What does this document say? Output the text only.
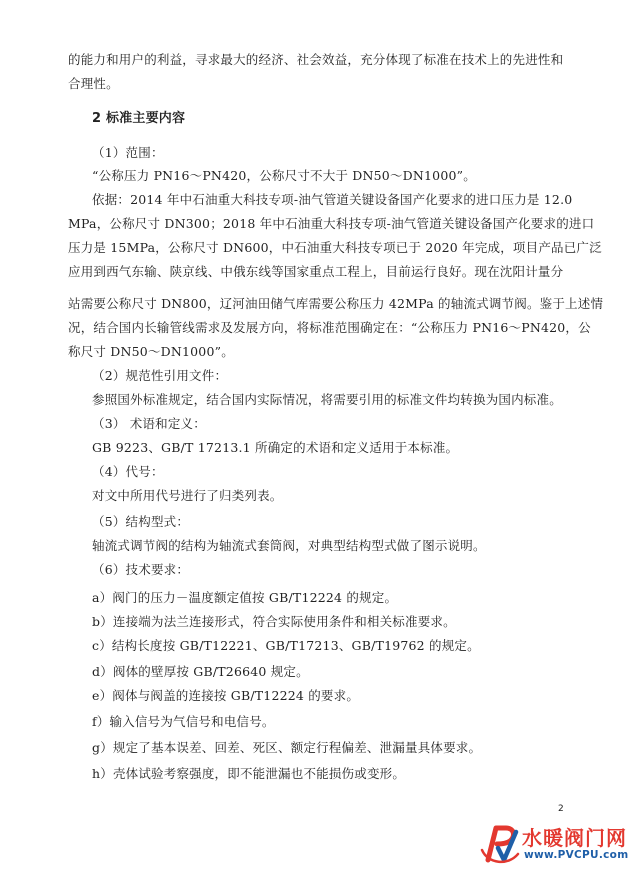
的能力和用户的利益，寻求最大的经济、社会效益，充分体现了标准在技术上的先进性和
合理性。
2 标准主要内容
（1）范围：
“公称压力 PN16～PN420，公称尺寸不大于 DN50～DN1000”。
依据：2014 年中石油重大科技专项-油气管道关键设备国产化要求的进口压力是 12.0
MPa，公称尺寸 DN300；2018 年中石油重大科技专项-油气管道关键设备国产化要求的进口
压力是 15MPa，公称尺寸 DN600，中石油重大科技专项已于 2020 年完成，项目产品已广泛
应用到西气东输、陕京线、中俄东线等国家重点工程上，目前运行良好。现在沈阳计量分
站需要公称尺寸 DN800，辽河油田储气库需要公称压力 42MPa 的轴流式调节阀。鉴于上述情
况，结合国内长输管线需求及发展方向，将标准范围确定在：“公称压力 PN16～PN420，公
称尺寸 DN50～DN1000”。
（2）规范性引用文件：
参照国外标准规定，结合国内实际情况，将需要引用的标准文件均转换为国内标准。
（3） 术语和定义：
GB 9223、GB/T 17213.1 所确定的术语和定义适用于本标准。
（4）代号：
对文中所用代号进行了归类列表。
（5）结构型式：
轴流式调节阀的结构为轴流式套筒阀，对典型结构型式做了图示说明。
（6）技术要求：
a）阀门的压力－温度额定值按 GB/T12224 的规定。
b）连接端为法兰连接形式，符合实际使用条件和相关标准要求。
c）结构长度按 GB/T12221、GB/T17213、GB/T19762 的规定。
d）阀体的壁厚按 GB/T26640 规定。
e）阀体与阀盖的连接按 GB/T12224 的要求。
f）输入信号为气信号和电信号。
g）规定了基本误差、回差、死区、额定行程偏差、泄漏量具体要求。
h）壳体试验考察强度，即不能泄漏也不能损伤或变形。
2
水暖阀门网
www.PVCPU.com
